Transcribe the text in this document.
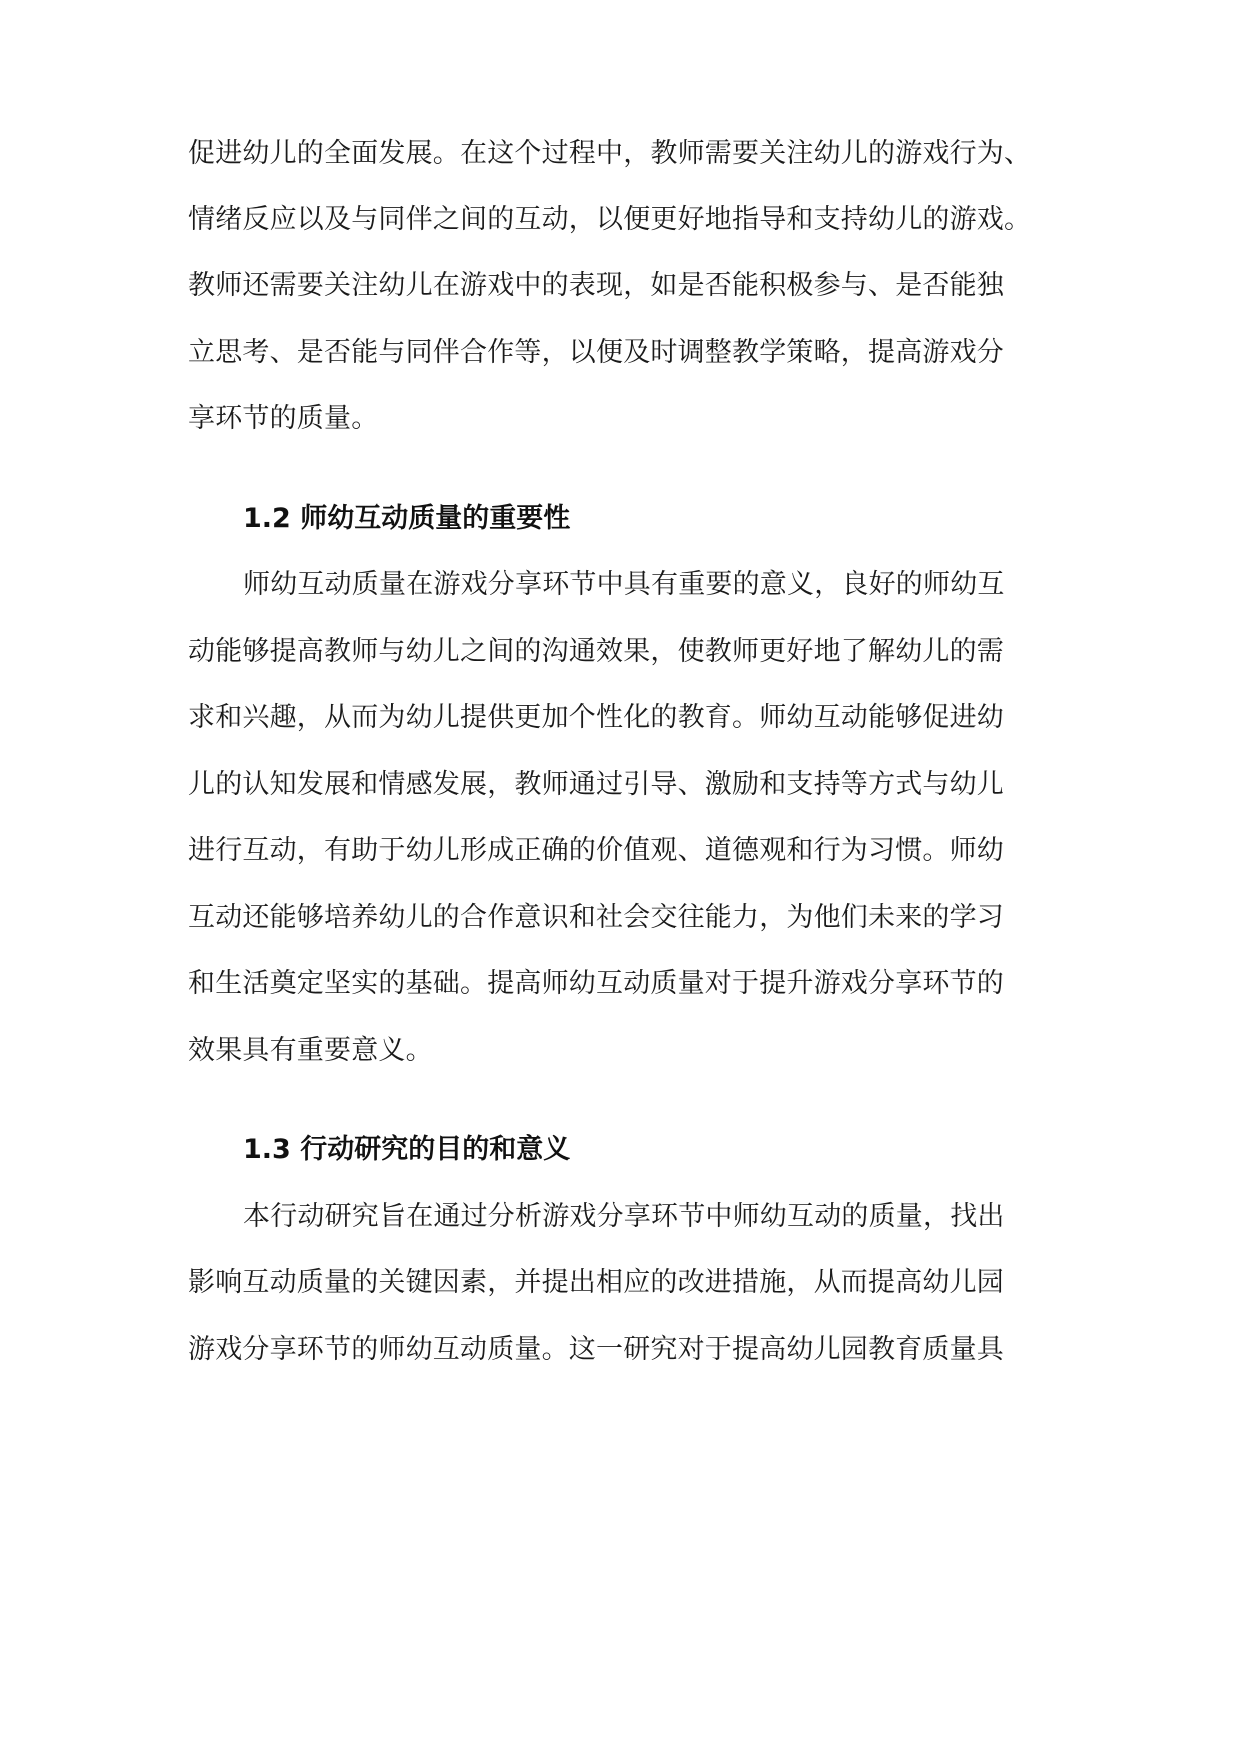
促进幼儿的全面发展。在这个过程中，教师需要关注幼儿的游戏行为、
情绪反应以及与同伴之间的互动，以便更好地指导和支持幼儿的游戏。
教师还需要关注幼儿在游戏中的表现，如是否能积极参与、是否能独
立思考、是否能与同伴合作等，以便及时调整教学策略，提高游戏分
享环节的质量。
1.2 师幼互动质量的重要性
师幼互动质量在游戏分享环节中具有重要的意义，良好的师幼互
动能够提高教师与幼儿之间的沟通效果，使教师更好地了解幼儿的需
求和兴趣，从而为幼儿提供更加个性化的教育。师幼互动能够促进幼
儿的认知发展和情感发展，教师通过引导、激励和支持等方式与幼儿
进行互动，有助于幼儿形成正确的价值观、道德观和行为习惯。师幼
互动还能够培养幼儿的合作意识和社会交往能力，为他们未来的学习
和生活奠定坚实的基础。提高师幼互动质量对于提升游戏分享环节的
效果具有重要意义。
1.3 行动研究的目的和意义
本行动研究旨在通过分析游戏分享环节中师幼互动的质量，找出
影响互动质量的关键因素，并提出相应的改进措施，从而提高幼儿园
游戏分享环节的师幼互动质量。这一研究对于提高幼儿园教育质量具
